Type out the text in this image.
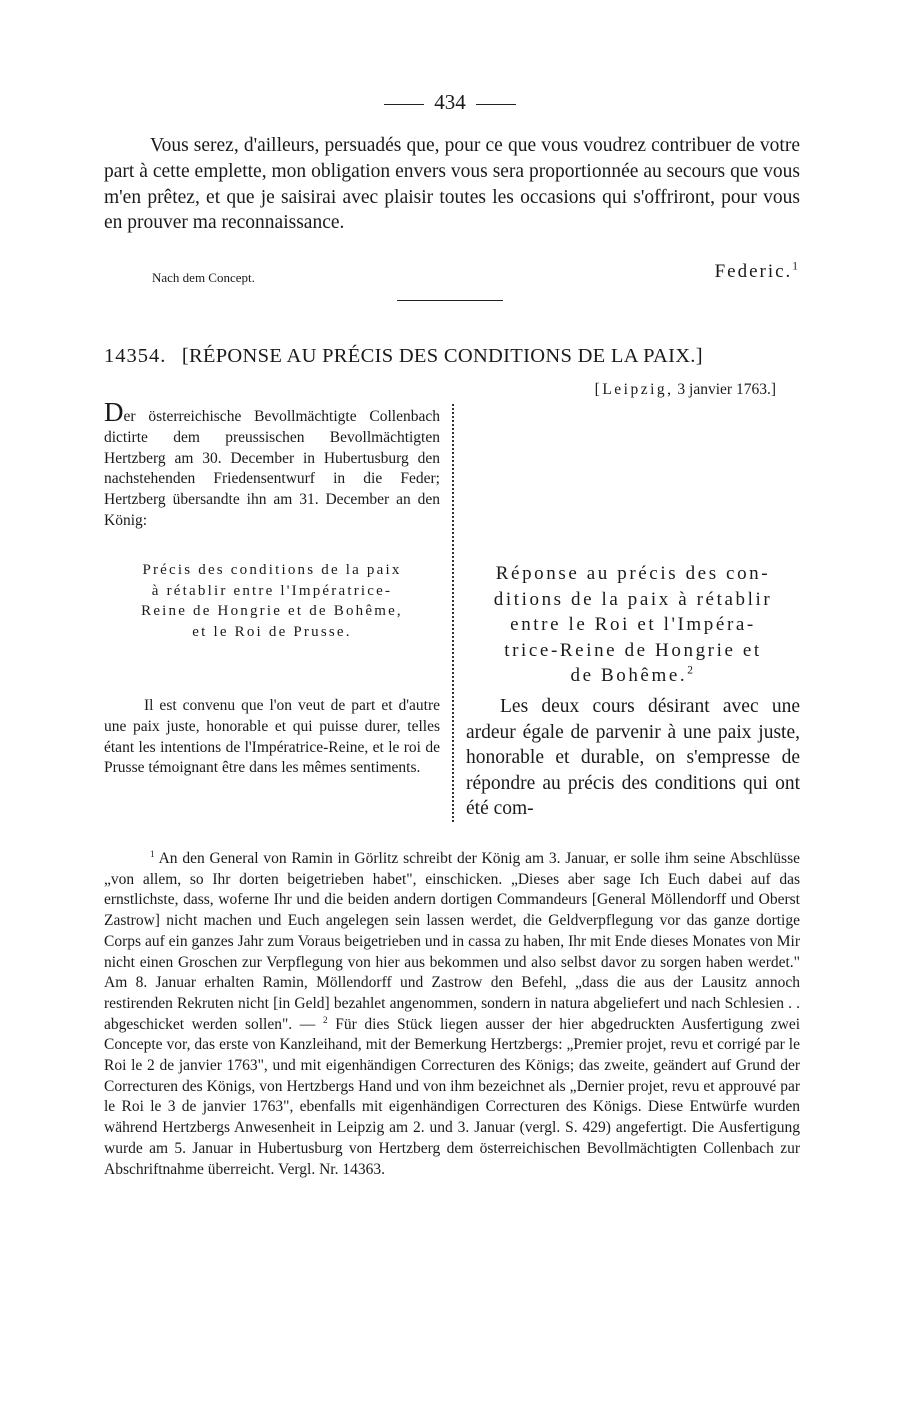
434

Vous serez, d'ailleurs, persuadés que, pour ce que vous voudrez contribuer de votre part à cette emplette, mon obligation envers vous sera proportionnée au secours que vous m'en prêtez, et que je saisirai avec plaisir toutes les occasions qui s'offriront, pour vous en prouver ma reconnaissance.

Nach dem Concept.	Federic.$^1$
14354. [RÉPONSE AU PRÉCIS DES CONDITIONS DE LA PAIX.]
[Leipzig, 3 janvier 1763.]

Der österreichische Bevollmächtigte Collenbach dictirte dem preussischen Bevollmächtigten Hertzberg am 30. December in Hubertusburg den nachstehenden Friedensentwurf in die Feder; Hertzberg übersandte ihn am 31. December an den König:

Précis des conditions de la paix
à rétablir entre l'Impératrice-
Reine de Hongrie et de Bohême,
et le Roi de Prusse.
Il est convenu que l'on veut de part et d'autre une paix juste, honorable et qui puisse durer, telles étant les intentions de l'Impératrice-Reine, et le roi de Prusse témoignant être dans les mêmes sentiments.
Réponse au précis des con-
ditions de la paix à rétablir
entre le Roi et l'Impéra-
trice-Reine de Hongrie et
de Bohême.$^2$

Les deux cours désirant avec une ardeur égale de parvenir à une paix juste, honorable et durable, on s'empresse de répondre au précis des conditions qui ont été com-

$^1$ An den General von Ramin in Görlitz schreibt der König am 3. Januar, er solle ihm seine Abschlüsse „von allem, so Ihr dorten beigetrieben habet", einschicken. „Dieses aber sage Ich Euch dabei auf das ernstlichste, dass, woferne Ihr und die beiden andern dortigen Commandeurs [General Möllendorff und Oberst Zastrow] nicht machen und Euch angelegen sein lassen werdet, die Geldverpflegung vor das ganze dortige Corps auf ein ganzes Jahr zum Voraus beigetrieben und in cassa zu haben, Ihr mit Ende dieses Monates von Mir nicht einen Groschen zur Verpflegung von hier aus bekommen und also selbst davor zu sorgen haben werdet." Am 8. Januar erhalten Ramin, Möllendorff und Zastrow den Befehl, „dass die aus der Lausitz annoch restirenden Rekruten nicht [in Geld] bezahlet angenommen, sondern in natura abgeliefert und nach Schlesien . . abgeschicket werden sollen". — $^2$ Für dies Stück liegen ausser der hier abgedruckten Ausfertigung zwei Concepte vor, das erste von Kanzleihand, mit der Bemerkung Hertzbergs: „Premier projet, revu et corrigé par le Roi le 2 de janvier 1763", und mit eigenhändigen Correcturen des Königs; das zweite, geändert auf Grund der Correcturen des Königs, von Hertzbergs Hand und von ihm bezeichnet als „Dernier projet, revu et approuvé par le Roi le 3 de janvier 1763", ebenfalls mit eigenhändigen Correcturen des Königs. Diese Entwürfe wurden während Hertzbergs Anwesenheit in Leipzig am 2. und 3. Januar (vergl. S. 429) angefertigt. Die Ausfertigung wurde am 5. Januar in Hubertusburg von Hertzberg dem österreichischen Bevollmächtigten Collenbach zur Abschriftnahme überreicht. Vergl. Nr. 14363.
